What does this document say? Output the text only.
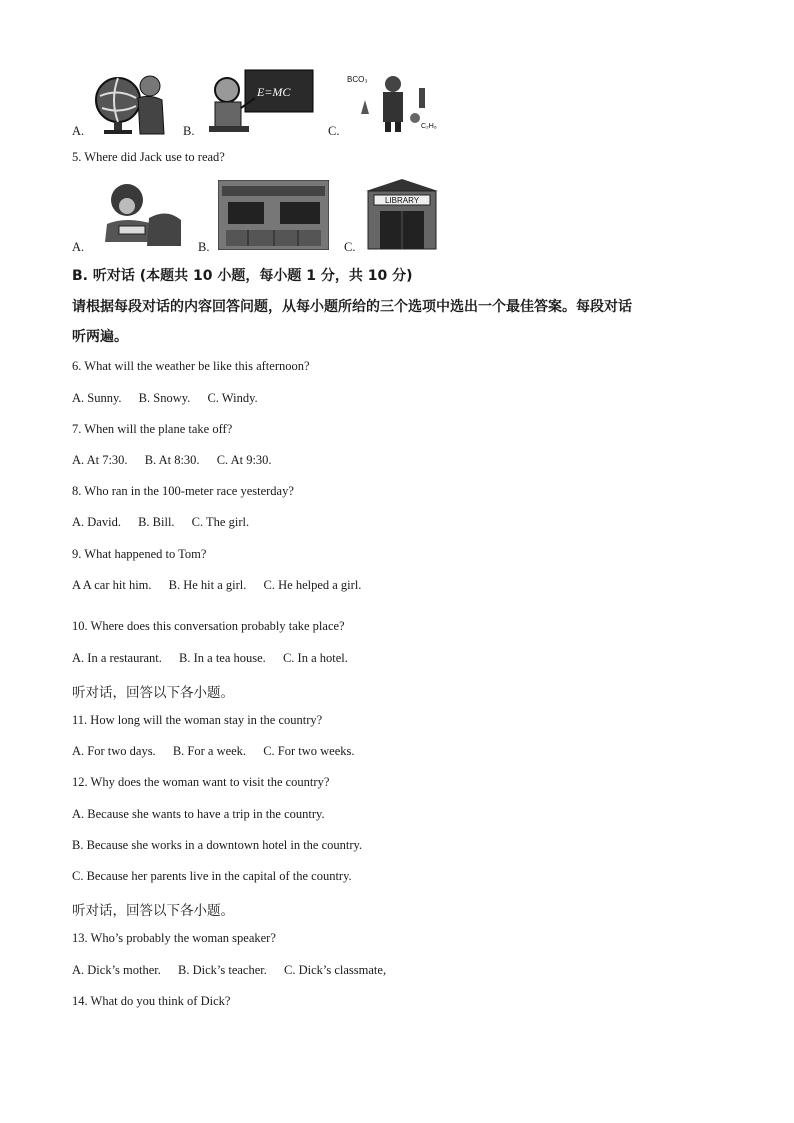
A.	B.
E=MC
C.
BCO₃
C₂H₆
5. Where did Jack use to read?
A.	B.	C.
LIBRARY
B. 听对话 (本题共 10 小题，每小题 1 分，共 10 分)
请根据每段对话的内容回答问题，从每小题所给的三个选项中选出一个最佳答案。每段对话
听两遍。
6. What will the weather be like this afternoon?
A. Sunny. B. Snowy. C. Windy.
7. When will the plane take off?
A. At 7:30. B. At 8:30. C. At 9:30.
8. Who ran in the 100-meter race yesterday?
A. David. B. Bill. C. The girl.
9. What happened to Tom?
A A car hit him. B. He hit a girl. C. He helped a girl.
10. Where does this conversation probably take place?
A. In a restaurant. B. In a tea house. C. In a hotel.
听对话，回答以下各小题。
11. How long will the woman stay in the country?
A. For two days. B. For a week. C. For two weeks.
12. Why does the woman want to visit the country?
A. Because she wants to have a trip in the country.
B. Because she works in a downtown hotel in the country.
C. Because her parents live in the capital of the country.
听对话，回答以下各小题。
13. Who’s probably the woman speaker?
A. Dick’s mother. B. Dick’s teacher. C. Dick’s classmate,
14. What do you think of Dick?
